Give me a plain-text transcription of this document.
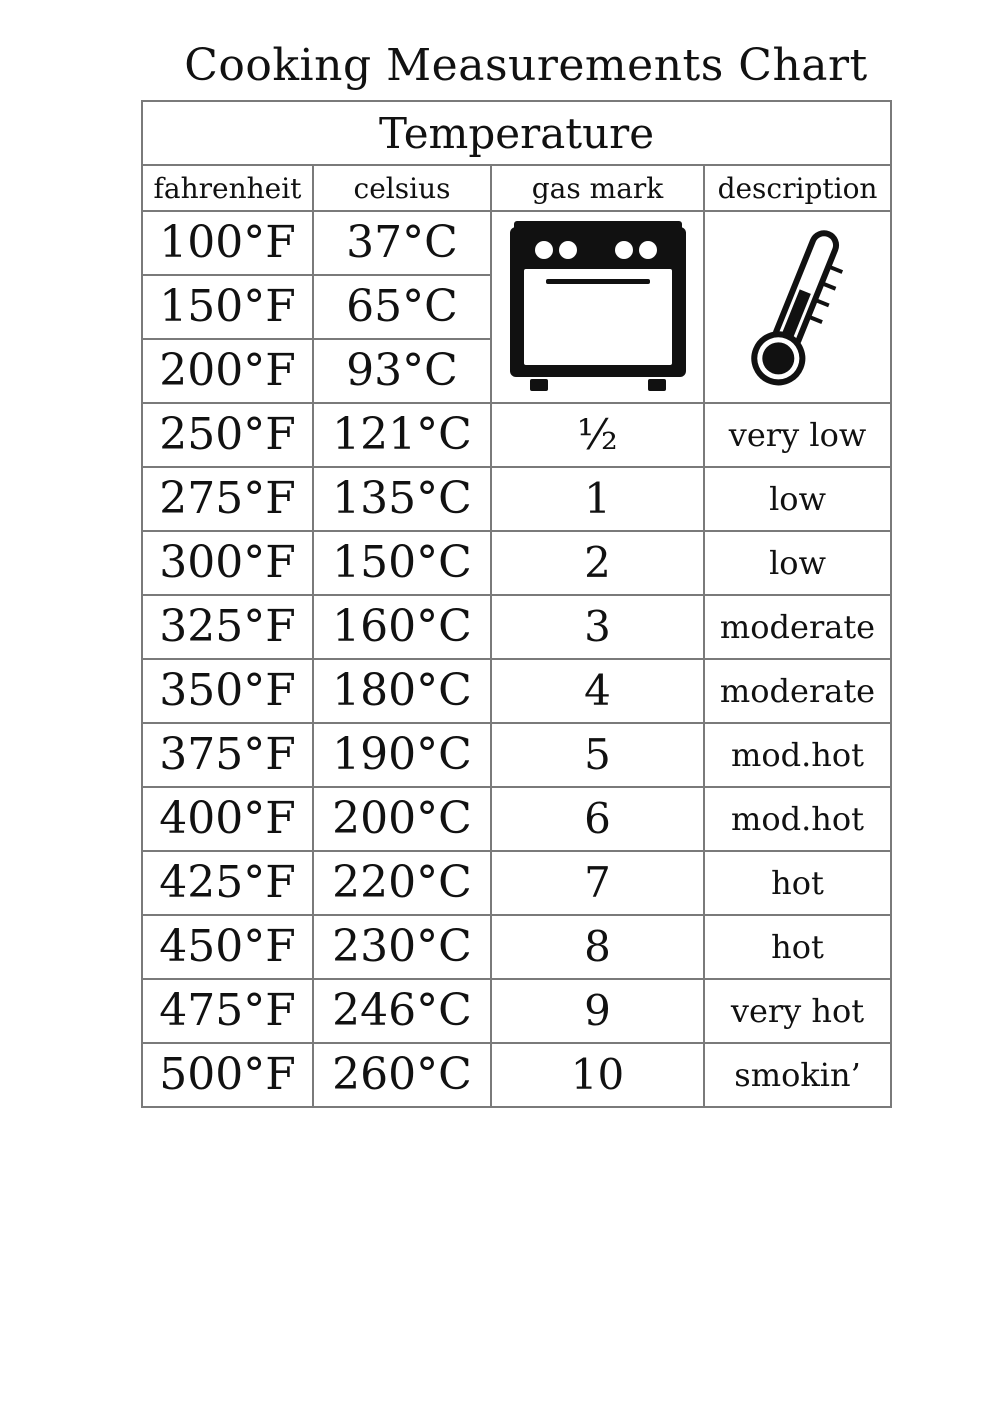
Cooking Measurements Chart
Temperature			
fahrenheit	celsius	gas mark	description
100°F	37°C	

150°F	65°C		
200°F	93°C		
250°F	121°C	½	very low
275°F	135°C	1	low
300°F	150°C	2	low
325°F	160°C	3	moderate
350°F	180°C	4	moderate
375°F	190°C	5	mod.hot
400°F	200°C	6	mod.hot
425°F	220°C	7	hot
450°F	230°C	8	hot
475°F	246°C	9	very hot
500°F	260°C	10	smokin’
